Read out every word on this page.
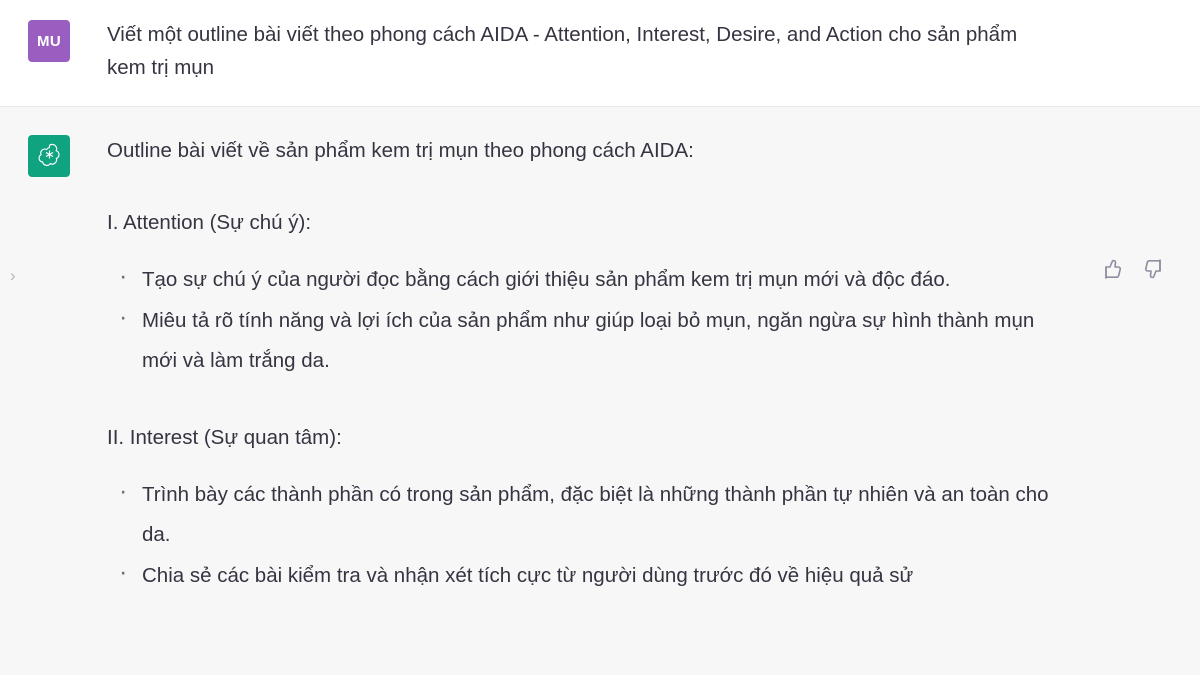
MU Viết một outline bài viết theo phong cách AIDA - Attention, Interest, Desire, and Action cho sản phẩm kem trị mụn
›
Outline bài viết về sản phẩm kem trị mụn theo phong cách AIDA:
I. Attention (Sự chú ý):
· Tạo sự chú ý của người đọc bằng cách giới thiệu sản phẩm kem trị mụn mới và độc đáo.
· Miêu tả rõ tính năng và lợi ích của sản phẩm như giúp loại bỏ mụn, ngăn ngừa sự hình thành mụn mới và làm trắng da.
II. Interest (Sự quan tâm):
· Trình bày các thành phần có trong sản phẩm, đặc biệt là những thành phần tự nhiên và an toàn cho da.
· Chia sẻ các bài kiểm tra và nhận xét tích cực từ người dùng trước đó về hiệu quả sử
